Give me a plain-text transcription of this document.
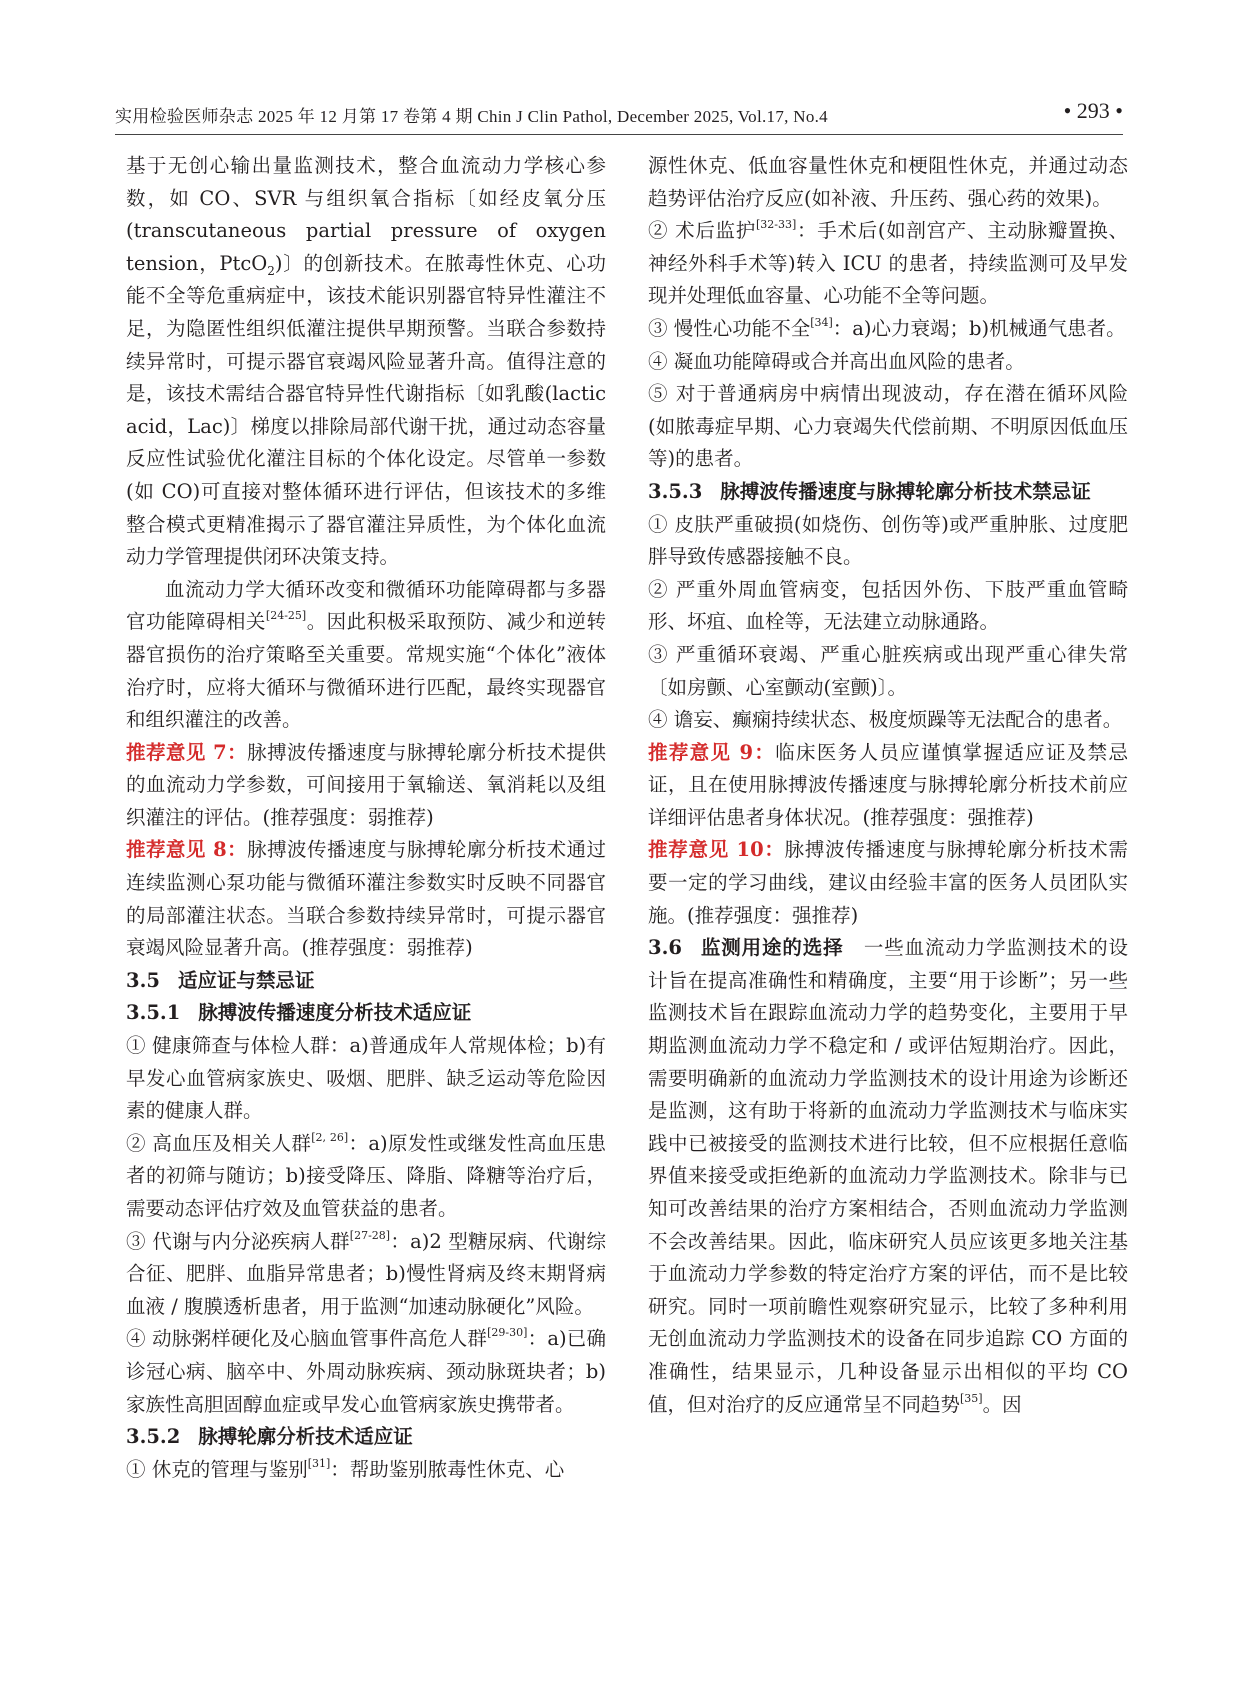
实用检验医师杂志 2025 年 12 月第 17 卷第 4 期 Chin J Clin Pathol, December 2025, Vol.17, No.4	• 293 •

基于无创心输出量监测技术，整合血流动力学核心参数，如 CO、SVR 与组织氧合指标〔如经皮氧分压(transcutaneous partial pressure of oxygen tension，PtcO$_2$)〕的创新技术。在脓毒性休克、心功能不全等危重病症中，该技术能识别器官特异性灌注不足，为隐匿性组织低灌注提供早期预警。当联合参数持续异常时，可提示器官衰竭风险显著升高。值得注意的是，该技术需结合器官特异性代谢指标〔如乳酸(lactic acid，Lac)〕梯度以排除局部代谢干扰，通过动态容量反应性试验优化灌注目标的个体化设定。尽管单一参数(如 CO)可直接对整体循环进行评估，但该技术的多维整合模式更精准揭示了器官灌注异质性，为个体化血流动力学管理提供闭环决策支持。

血流动力学大循环改变和微循环功能障碍都与多器官功能障碍相关[24-25]。因此积极采取预防、减少和逆转器官损伤的治疗策略至关重要。常规实施“个体化”液体治疗时，应将大循环与微循环进行匹配，最终实现器官和组织灌注的改善。

推荐意见 7：脉搏波传播速度与脉搏轮廓分析技术提供的血流动力学参数，可间接用于氧输送、氧消耗以及组织灌注的评估。(推荐强度：弱推荐)

推荐意见 8：脉搏波传播速度与脉搏轮廓分析技术通过连续监测心泵功能与微循环灌注参数实时反映不同器官的局部灌注状态。当联合参数持续异常时，可提示器官衰竭风险显著升高。(推荐强度：弱推荐)

3.5 适应证与禁忌证

3.5.1 脉搏波传播速度分析技术适应证

① 健康筛查与体检人群：a)普通成年人常规体检；b)有早发心血管病家族史、吸烟、肥胖、缺乏运动等危险因素的健康人群。

② 高血压及相关人群[2, 26]：a)原发性或继发性高血压患者的初筛与随访；b)接受降压、降脂、降糖等治疗后，需要动态评估疗效及血管获益的患者。

③ 代谢与内分泌疾病人群[27-28]：a)2 型糖尿病、代谢综合征、肥胖、血脂异常患者；b)慢性肾病及终末期肾病血液 / 腹膜透析患者，用于监测“加速动脉硬化”风险。

④ 动脉粥样硬化及心脑血管事件高危人群[29-30]：a)已确诊冠心病、脑卒中、外周动脉疾病、颈动脉斑块者；b)家族性高胆固醇血症或早发心血管病家族史携带者。

3.5.2 脉搏轮廓分析技术适应证

① 休克的管理与鉴别[31]：帮助鉴别脓毒性休克、心

源性休克、低血容量性休克和梗阻性休克，并通过动态趋势评估治疗反应(如补液、升压药、强心药的效果)。

② 术后监护[32-33]：手术后(如剖宫产、主动脉瓣置换、神经外科手术等)转入 ICU 的患者，持续监测可及早发现并处理低血容量、心功能不全等问题。

③ 慢性心功能不全[34]：a)心力衰竭；b)机械通气患者。

④ 凝血功能障碍或合并高出血风险的患者。

⑤ 对于普通病房中病情出现波动，存在潜在循环风险(如脓毒症早期、心力衰竭失代偿前期、不明原因低血压等)的患者。

3.5.3 脉搏波传播速度与脉搏轮廓分析技术禁忌证

① 皮肤严重破损(如烧伤、创伤等)或严重肿胀、过度肥胖导致传感器接触不良。

② 严重外周血管病变，包括因外伤、下肢严重血管畸形、坏疽、血栓等，无法建立动脉通路。

③ 严重循环衰竭、严重心脏疾病或出现严重心律失常〔如房颤、心室颤动(室颤)〕。

④ 谵妄、癫痫持续状态、极度烦躁等无法配合的患者。

推荐意见 9：临床医务人员应谨慎掌握适应证及禁忌证，且在使用脉搏波传播速度与脉搏轮廓分析技术前应详细评估患者身体状况。(推荐强度：强推荐)

推荐意见 10：脉搏波传播速度与脉搏轮廓分析技术需要一定的学习曲线，建议由经验丰富的医务人员团队实施。(推荐强度：强推荐)

3.6 监测用途的选择　一些血流动力学监测技术的设计旨在提高准确性和精确度，主要“用于诊断”；另一些监测技术旨在跟踪血流动力学的趋势变化，主要用于早期监测血流动力学不稳定和 / 或评估短期治疗。因此，需要明确新的血流动力学监测技术的设计用途为诊断还是监测，这有助于将新的血流动力学监测技术与临床实践中已被接受的监测技术进行比较，但不应根据任意临界值来接受或拒绝新的血流动力学监测技术。除非与已知可改善结果的治疗方案相结合，否则血流动力学监测不会改善结果。因此，临床研究人员应该更多地关注基于血流动力学参数的特定治疗方案的评估，而不是比较研究。同时一项前瞻性观察研究显示，比较了多种利用无创血流动力学监测技术的设备在同步追踪 CO 方面的准确性，结果显示，几种设备显示出相似的平均 CO 值，但对治疗的反应通常呈不同趋势[35]。因
